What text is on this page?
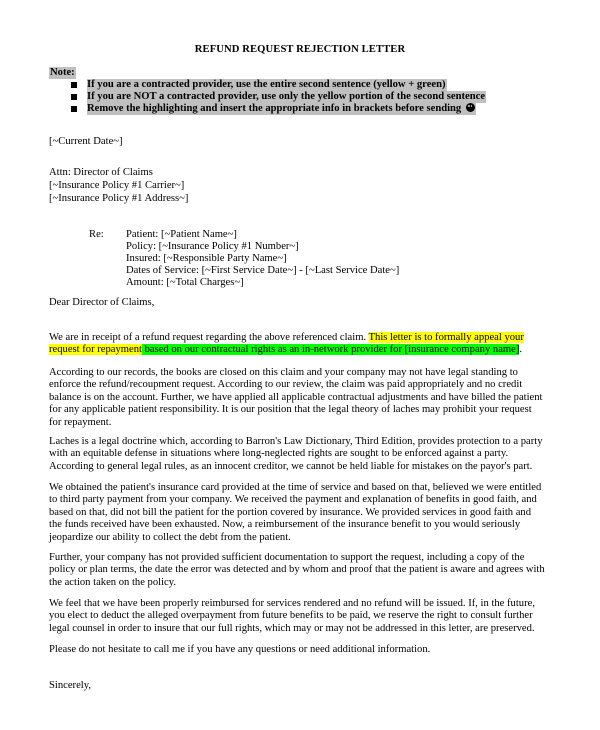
REFUND REQUEST REJECTION LETTER
Note:
If you are a contracted provider, use the entire second sentence (yellow + green)
If you are NOT a contracted provider, use only the yellow portion of the second sentence
Remove the highlighting and insert the appropriate info in brackets before sending
[~Current Date~]
Attn: Director of Claims
[~Insurance Policy #1 Carrier~]
[~Insurance Policy #1 Address~]
Re: Patient: [~Patient Name~]
Policy: [~Insurance Policy #1 Number~]
Insured: [~Responsible Party Name~]
Dates of Service: [~First Service Date~] - [~Last Service Date~]
Amount: [~Total Charges~]
Dear Director of Claims,
We are in receipt of a refund request regarding the above referenced claim. This letter is to formally appeal your
request for repayment based on our contractual rights as an in-network provider for [insurance company name].
According to our records, the books are closed on this claim and your company may not have legal standing to
enforce the refund/recoupment request. According to our review, the claim was paid appropriately and no credit
balance is on the account. Further, we have applied all applicable contractual adjustments and have billed the patient
for any applicable patient responsibility. It is our position that the legal theory of laches may prohibit your request
for repayment.
Laches is a legal doctrine which, according to Barron's Law Dictionary, Third Edition, provides protection to a party
with an equitable defense in situations where long-neglected rights are sought to be enforced against a party.
According to general legal rules, as an innocent creditor, we cannot be held liable for mistakes on the payor's part.
We obtained the patient's insurance card provided at the time of service and based on that, believed we were entitled
to third party payment from your company. We received the payment and explanation of benefits in good faith, and
based on that, did not bill the patient for the portion covered by insurance. We provided services in good faith and
the funds received have been exhausted. Now, a reimbursement of the insurance benefit to you would seriously
jeopardize our ability to collect the debt from the patient.
Further, your company has not provided sufficient documentation to support the request, including a copy of the
policy or plan terms, the date the error was detected and by whom and proof that the patient is aware and agrees with
the action taken on the policy.
We feel that we have been properly reimbursed for services rendered and no refund will be issued. If, in the future,
you elect to deduct the alleged overpayment from future benefits to be paid, we reserve the right to consult further
legal counsel in order to insure that our full rights, which may or may not be addressed in this letter, are preserved.
Please do not hesitate to call me if you have any questions or need additional information.
Sincerely,
